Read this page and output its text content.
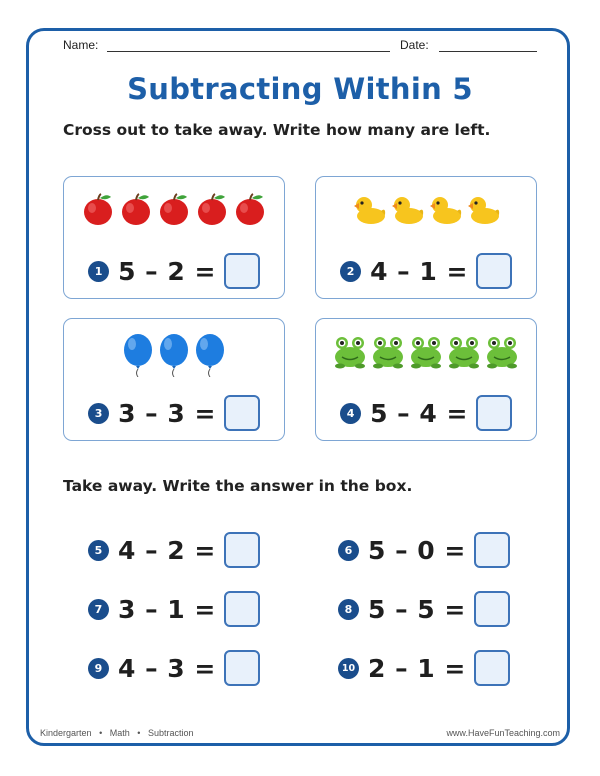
Name:	Date:
Subtracting Within 5
Cross out to take away. Write how many are left.
1 5 – 2 =	2 4 – 1 =
3 3 – 3 =	4 5 – 4 =
Take away. Write the answer in the box.
5 4 – 2 =	6 5 – 0 =
7 3 – 1 =	8 5 – 5 =
9 4 – 3 =	10 2 – 1 =
Kindergarten • Math • Subtraction	www.HaveFunTeaching.com
